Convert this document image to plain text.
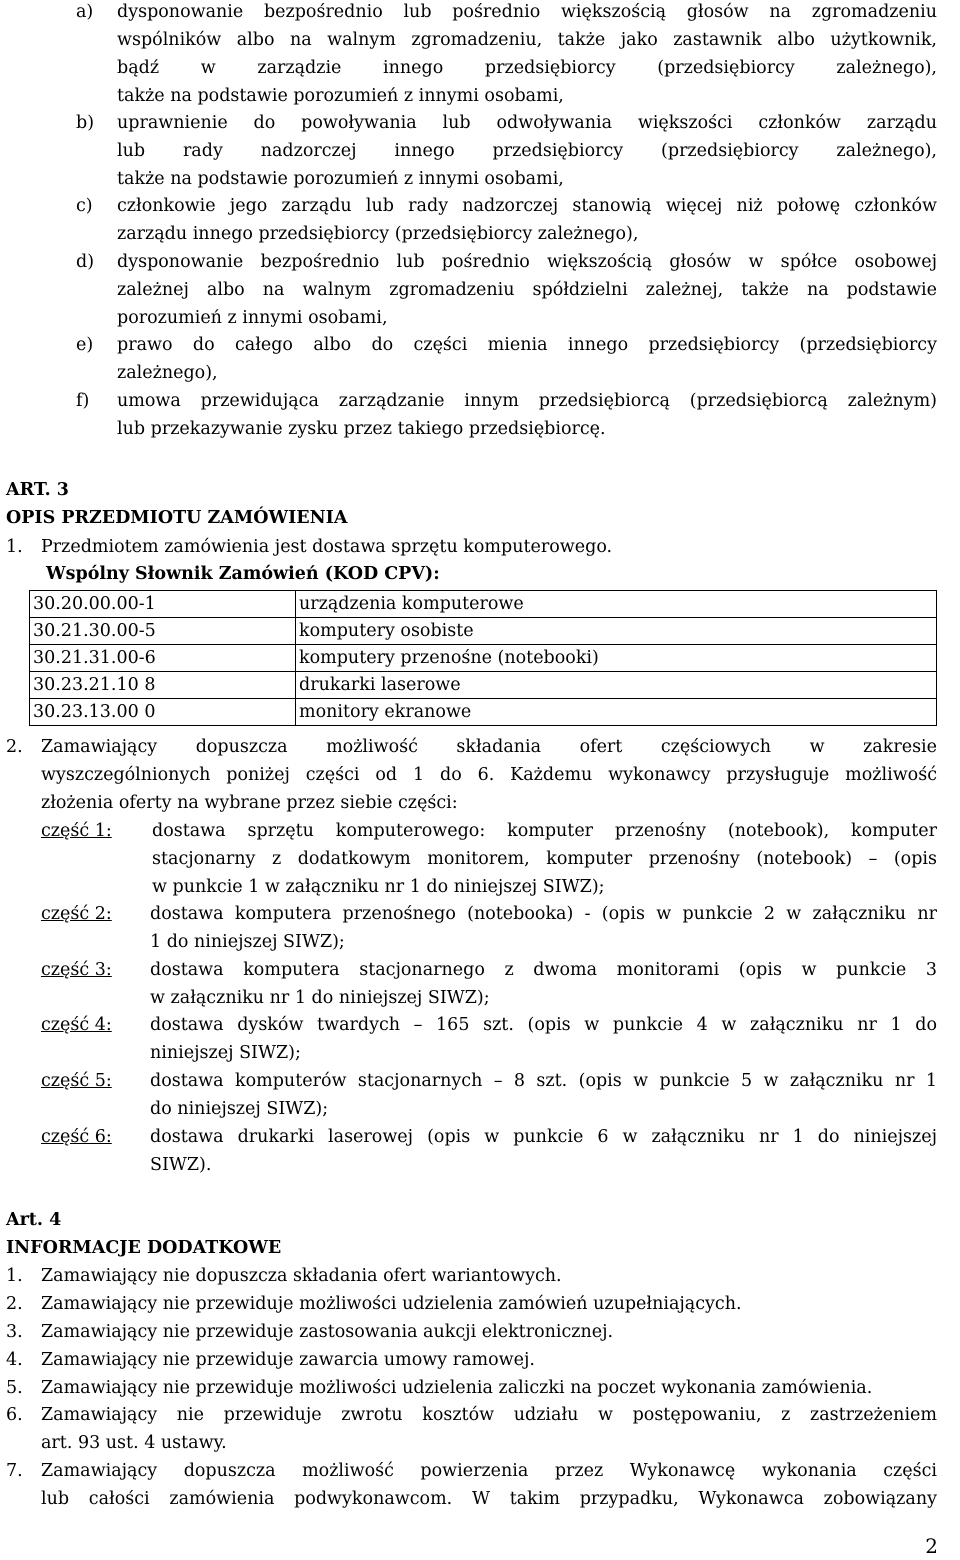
a) dysponowanie bezpośrednio lub pośrednio większością głosów na zgromadzeniu
wspólników albo na walnym zgromadzeniu, także jako zastawnik albo użytkownik,
bądź w zarządzie innego przedsiębiorcy (przedsiębiorcy zależnego),
także na podstawie porozumień z innymi osobami,
b) uprawnienie do powoływania lub odwoływania większości członków zarządu
lub rady nadzorczej innego przedsiębiorcy (przedsiębiorcy zależnego),
także na podstawie porozumień z innymi osobami,
c) członkowie jego zarządu lub rady nadzorczej stanowią więcej niż połowę członków
zarządu innego przedsiębiorcy (przedsiębiorcy zależnego),
d) dysponowanie bezpośrednio lub pośrednio większością głosów w spółce osobowej
zależnej albo na walnym zgromadzeniu spółdzielni zależnej, także na podstawie
porozumień z innymi osobami,
e) prawo do całego albo do części mienia innego przedsiębiorcy (przedsiębiorcy
zależnego),
f) umowa przewidująca zarządzanie innym przedsiębiorcą (przedsiębiorcą zależnym)
lub przekazywanie zysku przez takiego przedsiębiorcę.
ART. 3
OPIS PRZEDMIOTU ZAMÓWIENIA
1. Przedmiotem zamówienia jest dostawa sprzętu komputerowego.
Wspólny Słownik Zamówień (KOD CPV):
30.20.00.00-1	urządzenia komputerowe
30.21.30.00-5	komputery osobiste
30.21.31.00-6	komputery przenośne (notebooki)
30.23.21.10 8	drukarki laserowe
30.23.13.00 0	monitory ekranowe
2. Zamawiający dopuszcza możliwość składania ofert częściowych w zakresie
wyszczególnionych poniżej części od 1 do 6. Każdemu wykonawcy przysługuje możliwość
złożenia oferty na wybrane przez siebie części:
część 1: dostawa sprzętu komputerowego: komputer przenośny (notebook), komputer
stacjonarny z dodatkowym monitorem, komputer przenośny (notebook) – (opis
w punkcie 1 w załączniku nr 1 do niniejszej SIWZ);
część 2: dostawa komputera przenośnego (notebooka) - (opis w punkcie 2 w załączniku nr
1 do niniejszej SIWZ);
część 3: dostawa komputera stacjonarnego z dwoma monitorami (opis w punkcie 3
w załączniku nr 1 do niniejszej SIWZ);
część 4: dostawa dysków twardych – 165 szt. (opis w punkcie 4 w załączniku nr 1 do
niniejszej SIWZ);
część 5: dostawa komputerów stacjonarnych – 8 szt. (opis w punkcie 5 w załączniku nr 1
do niniejszej SIWZ);
część 6: dostawa drukarki laserowej (opis w punkcie 6 w załączniku nr 1 do niniejszej
SIWZ).
Art. 4
INFORMACJE DODATKOWE
1. Zamawiający nie dopuszcza składania ofert wariantowych.
2. Zamawiający nie przewiduje możliwości udzielenia zamówień uzupełniających.
3. Zamawiający nie przewiduje zastosowania aukcji elektronicznej.
4. Zamawiający nie przewiduje zawarcia umowy ramowej.
5. Zamawiający nie przewiduje możliwości udzielenia zaliczki na poczet wykonania zamówienia.
6. Zamawiający nie przewiduje zwrotu kosztów udziału w postępowaniu, z zastrzeżeniem
art. 93 ust. 4 ustawy.
7. Zamawiający dopuszcza możliwość powierzenia przez Wykonawcę wykonania części
lub całości zamówienia podwykonawcom. W takim przypadku, Wykonawca zobowiązany
2
